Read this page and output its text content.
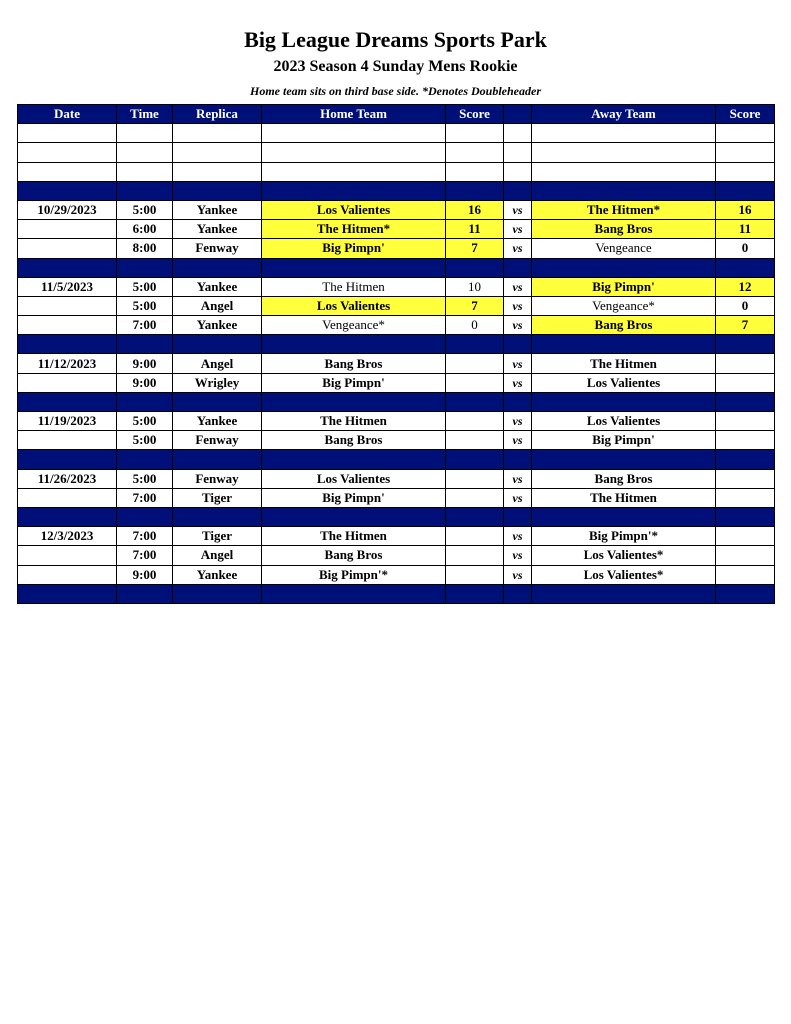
Big League Dreams Sports Park
2023 Season 4 Sunday Mens Rookie
Home team sits on third base side. *Denotes Doubleheader
Date	Time	Replica	Home Team	Score		Away Team	Score

10/29/2023	5:00	Yankee	Los Valientes	16	vs	The Hitmen*	16
	6:00	Yankee	The Hitmen*	11	vs	Bang Bros	11
	8:00	Fenway	Big Pimpn'	7	vs	Vengeance	0

11/5/2023	5:00	Yankee	The Hitmen	10	vs	Big Pimpn'	12
	5:00	Angel	Los Valientes	7	vs	Vengeance*	0
	7:00	Yankee	Vengeance*	0	vs	Bang Bros	7

11/12/2023	9:00	Angel	Bang Bros		vs	The Hitmen	
	9:00	Wrigley	Big Pimpn'		vs	Los Valientes	

11/19/2023	5:00	Yankee	The Hitmen		vs	Los Valientes	
	5:00	Fenway	Bang Bros		vs	Big Pimpn'	

11/26/2023	5:00	Fenway	Los Valientes		vs	Bang Bros	
	7:00	Tiger	Big Pimpn'		vs	The Hitmen	

12/3/2023	7:00	Tiger	The Hitmen		vs	Big Pimpn'*	
	7:00	Angel	Bang Bros		vs	Los Valientes*	
	9:00	Yankee	Big Pimpn'*		vs	Los Valientes*	
